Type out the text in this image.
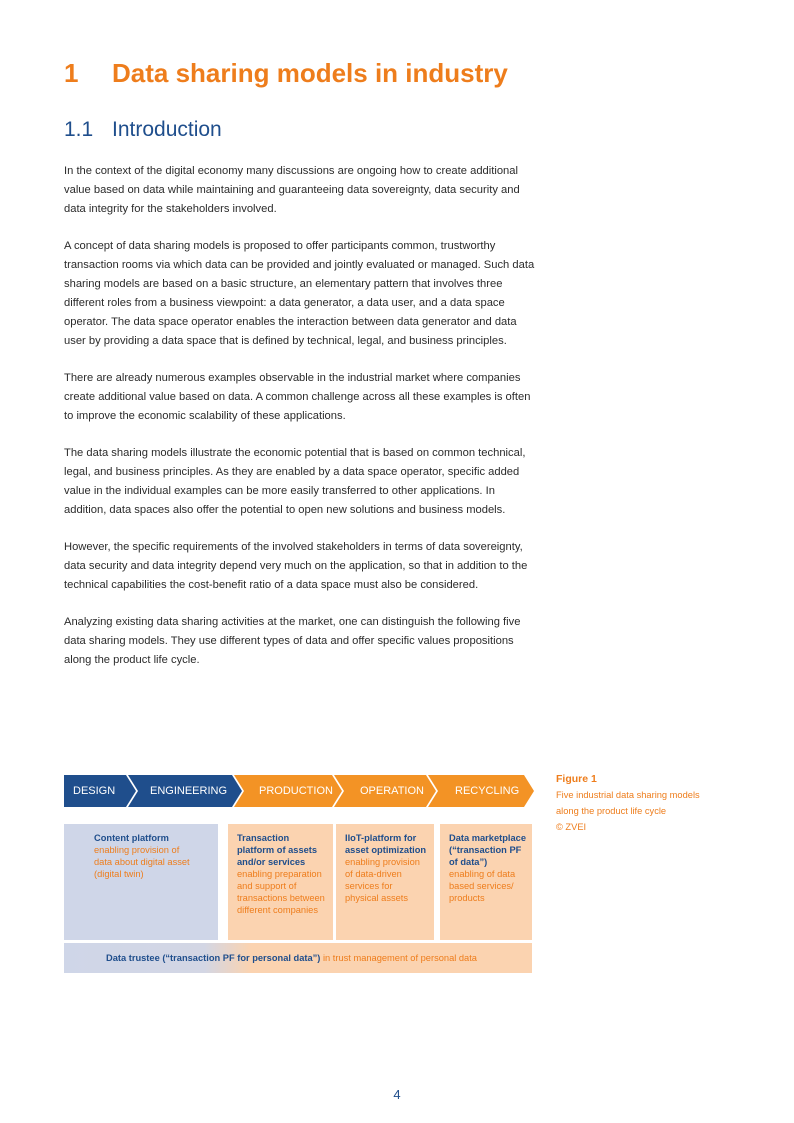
1 Data sharing models in industry
1.1 Introduction

In the context of the digital economy many discussions are ongoing how to create additional value based on data while maintaining and guaranteeing data sovereignty, data security and data integrity for the stakeholders involved.

A concept of data sharing models is proposed to offer participants common, trustworthy transaction rooms via which data can be provided and jointly evaluated or managed. Such data sharing models are based on a basic structure, an elementary pattern that involves three different roles from a business viewpoint: a data generator, a data user, and a data space operator. The data space operator enables the interaction between data generator and data user by providing a data space that is defined by technical, legal, and business principles.

There are already numerous examples observable in the industrial market where companies create additional value based on data. A common challenge across all these examples is often to improve the economic scalability of these applications.

The data sharing models illustrate the economic potential that is based on common technical, legal, and business principles. As they are enabled by a data space operator, specific added value in the individual examples can be more easily transferred to other applications. In addition, data spaces also offer the potential to open new solutions and business models.

However, the specific requirements of the involved stakeholders in terms of data sovereignty, data security and data integrity depend very much on the application, so that in addition to the technical capabilities the cost-benefit ratio of a data space must also be considered.

Analyzing existing data sharing activities at the market, one can distinguish the following five data sharing models. They use different types of data and offer specific values propositions along the product life cycle.

DESIGN	ENGINEERING	PRODUCTION OPERATION	RECYCLING
Content platform
enabling provision of data about digital asset (digital twin)
Transaction platform of assets and/or services
enabling preparation and support of transactions between different companies
IIoT-platform for asset optimization
enabling provision of data-driven services for physical assets
Data marketplace (“transaction PF of data”)
enabling of data based services/ products
Data trustee (“transaction PF for personal data”) in trust management of personal data
Figure 1
Five industrial data sharing models
along the product life cycle
© ZVEI
4
